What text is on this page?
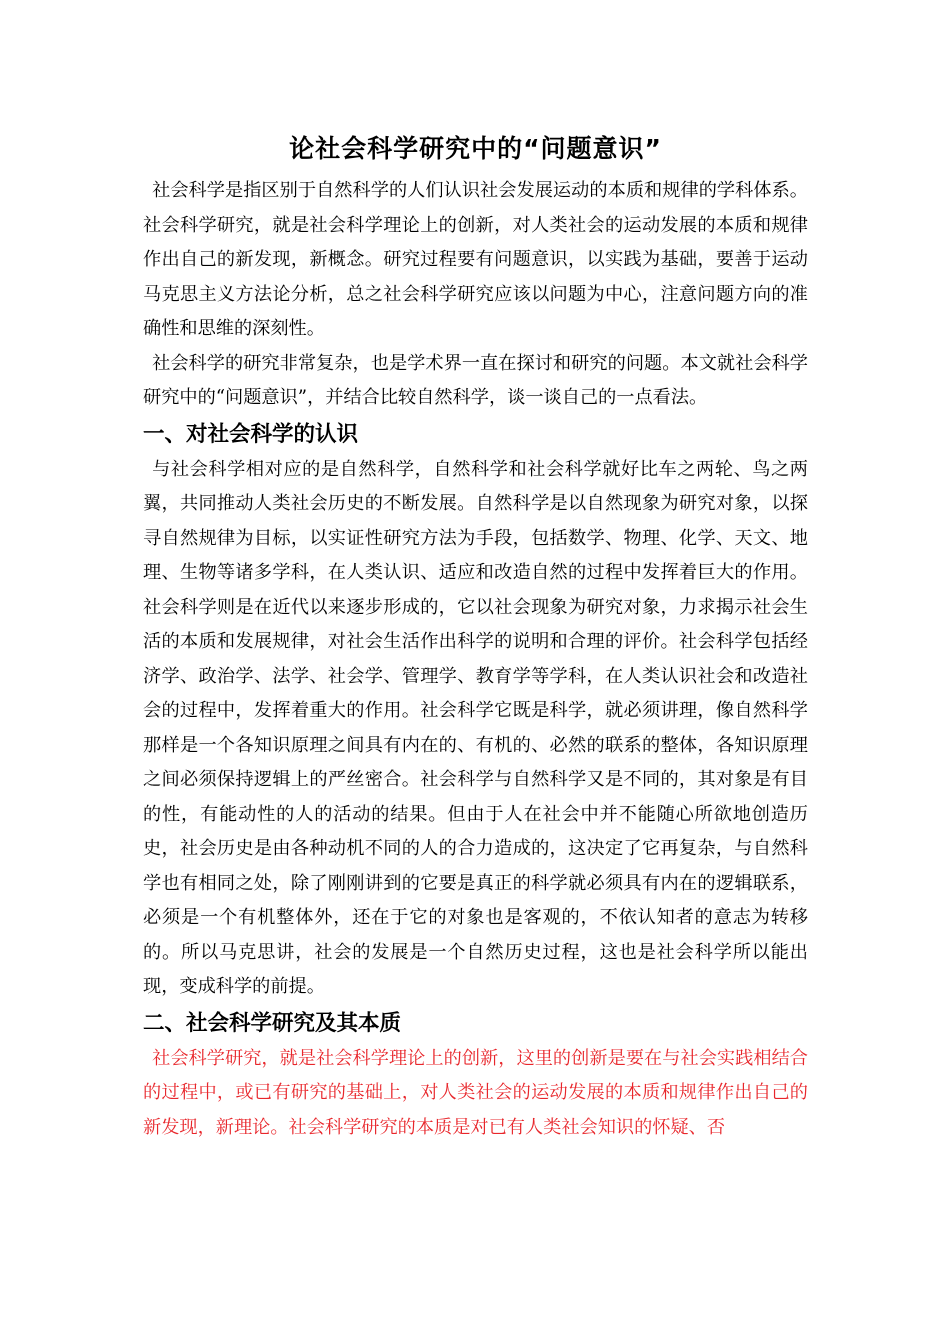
论社会科学研究中的“问题意识”

社会科学是指区别于自然科学的人们认识社会发展运动的本质和规律的学科体系。社会科学研究，就是社会科学理论上的创新，对人类社会的运动发展的本质和规律作出自己的新发现，新概念。研究过程要有问题意识，以实践为基础，要善于运动马克思主义方法论分析，总之社会科学研究应该以问题为中心，注意问题方向的准确性和思维的深刻性。

社会科学的研究非常复杂，也是学术界一直在探讨和研究的问题。本文就社会科学研究中的“问题意识”，并结合比较自然科学，谈一谈自己的一点看法。

一、对社会科学的认识

与社会科学相对应的是自然科学，自然科学和社会科学就好比车之两轮、鸟之两翼，共同推动人类社会历史的不断发展。自然科学是以自然现象为研究对象，以探寻自然规律为目标，以实证性研究方法为手段，包括数学、物理、化学、天文、地理、生物等诸多学科，在人类认识、适应和改造自然的过程中发挥着巨大的作用。社会科学则是在近代以来逐步形成的，它以社会现象为研究对象，力求揭示社会生活的本质和发展规律，对社会生活作出科学的说明和合理的评价。社会科学包括经济学、政治学、法学、社会学、管理学、教育学等学科，在人类认识社会和改造社会的过程中，发挥着重大的作用。社会科学它既是科学，就必须讲理，像自然科学那样是一个各知识原理之间具有内在的、有机的、必然的联系的整体，各知识原理之间必须保持逻辑上的严丝密合。社会科学与自然科学又是不同的，其对象是有目的性，有能动性的人的活动的结果。但由于人在社会中并不能随心所欲地创造历史，社会历史是由各种动机不同的人的合力造成的，这决定了它再复杂，与自然科学也有相同之处，除了刚刚讲到的它要是真正的科学就必须具有内在的逻辑联系，必须是一个有机整体外，还在于它的对象也是客观的，不依认知者的意志为转移的。所以马克思讲，社会的发展是一个自然历史过程，这也是社会科学所以能出现，变成科学的前提。

二、社会科学研究及其本质

社会科学研究，就是社会科学理论上的创新，这里的创新是要在与社会实践相结合的过程中，或已有研究的基础上，对人类社会的运动发展的本质和规律作出自己的新发现，新理论。社会科学研究的本质是对已有人类社会知识的怀疑、否
